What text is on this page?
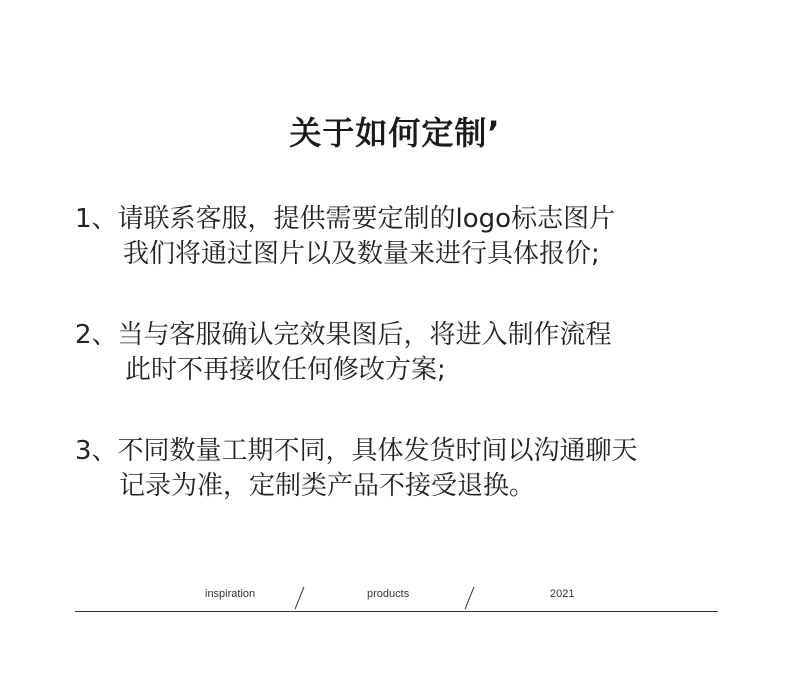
关于如何定制’
1、请联系客服，提供需要定制的logo标志图片
我们将通过图片以及数量来进行具体报价;
2、当与客服确认完效果图后，将进入制作流程
此时不再接收任何修改方案;
3、不同数量工期不同，具体发货时间以沟通聊天
记录为准，定制类产品不接受退换。
inspiration	products	2021
